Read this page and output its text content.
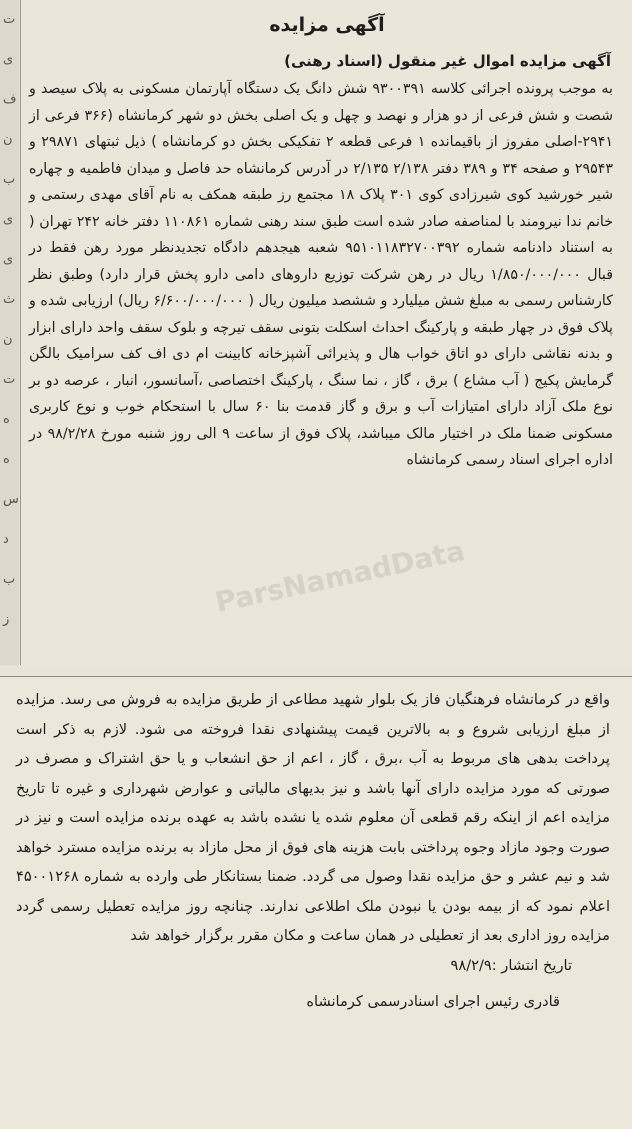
ت
ی
ف
ن
ب
ی
ی
ث
ن
ت
ه
ه
س
د
ب
ز
آگهی مزایده
آگهی مزایده اموال غیر منقول (اسناد رهنی)
به موجب پرونده اجرائی کلاسه ۹۳۰۰۳۹۱ شش دانگ یک دستگاه آپارتمان مسکونی به پلاک سیصد و شصت و شش فرعی از دو هزار و نهصد و چهل و یک اصلی بخش دو شهر کرمانشاه (۳۶۶ فرعی از ۲۹۴۱-اصلی مفروز از باقیمانده ۱ فرعی قطعه ۲ تفکیکی بخش دو کرمانشاه ) ذیل ثبتهای ۲۹۸۷۱ و ۲۹۵۴۳ و صفحه ۳۴ و ۳۸۹ دفتر ۲/۱۳۸ ۲/۱۳۵ در آدرس کرمانشاه حد فاصل و میدان فاطمیه و چهاره شیر خورشید کوی شیرزادی کوی ۳۰۱ پلاک ۱۸ مجتمع رز طبقه همکف به نام آقای مهدی رستمی و خانم ندا نیرومند با لمناصفه صادر شده است طبق سند رهنی شماره ۱۱۰۸۶۱ دفتر خانه ۲۴۲ تهران ( به استناد دادنامه شماره ۹۵۱۰۱۱۸۳۲۷۰۰۳۹۲ شعبه هیجدهم دادگاه تجدیدنظر مورد رهن فقط در قبال ۱/۸۵۰/۰۰۰/۰۰۰ ریال در رهن شرکت توزیع داروهای دامی دارو پخش قرار دارد) وطبق نظر کارشناس رسمی به مبلغ شش میلیارد و ششصد میلیون ریال ( ۶/۶۰۰/۰۰۰/۰۰۰ ریال) ارزیابی شده و پلاک فوق در چهار طبقه و پارکینگ احداث اسکلت بتونی سقف تیرچه و بلوک سقف واحد دارای ابزار و بدنه نقاشی دارای دو اتاق خواب هال و پذیرائی آشپزخانه کابینت ام دی اف کف سرامیک بالگن گرمایش پکیج ( آب مشاع ) برق ، گاز ، نما سنگ ، پارکینگ اختصاصی ،آسانسور، انبار ، عرصه دو بر نوع ملک آزاد دارای امتیازات آب و برق و گاز قدمت بنا ۶۰ سال با استحکام خوب و نوع کاربری مسکونی ضمنا ملک در اختیار مالک میباشد، پلاک فوق از ساعت ۹ الی روز شنبه مورخ ۹۸/۲/۲۸ در اداره اجرای اسناد رسمی کرمانشاه
واقع در کرمانشاه فرهنگیان فاز یک بلوار شهید مطاعی از طریق مزایده به فروش می رسد. مزایده از مبلغ ارزیابی شروع و به بالاترین قیمت پیشنهادی نقدا فروخته می شود. لازم به ذکر است پرداخت بدهی های مربوط به آب ،برق ، گاز ، اعم از حق انشعاب و یا حق اشتراک و مصرف در صورتی که مورد مزایده دارای آنها باشد و نیز بدیهای مالیاتی و عوارض شهرداری و غیره تا تاریخ مزایده اعم از اینکه رقم قطعی آن معلوم شده یا نشده باشد به عهده برنده مزایده است و نیز در صورت وجود مازاد وجوه پرداختی بابت هزینه های فوق از محل مازاد به برنده مزایده مسترد خواهد شد و نیم عشر و حق مزایده نقدا وصول می گردد. ضمنا بستانکار طی وارده به شماره ۴۵۰۰۱۲۶۸ اعلام نمود که از بیمه بودن یا نبودن ملک اطلاعی ندارند. چنانچه روز مزایده تعطیل رسمی گردد مزایده روز اداری بعد از تعطیلی در همان ساعت و مکان مقرر برگزار خواهد شد
تاریخ انتشار :۹۸/۲/۹
قادری رئیس اجرای اسنادرسمی کرمانشاه
